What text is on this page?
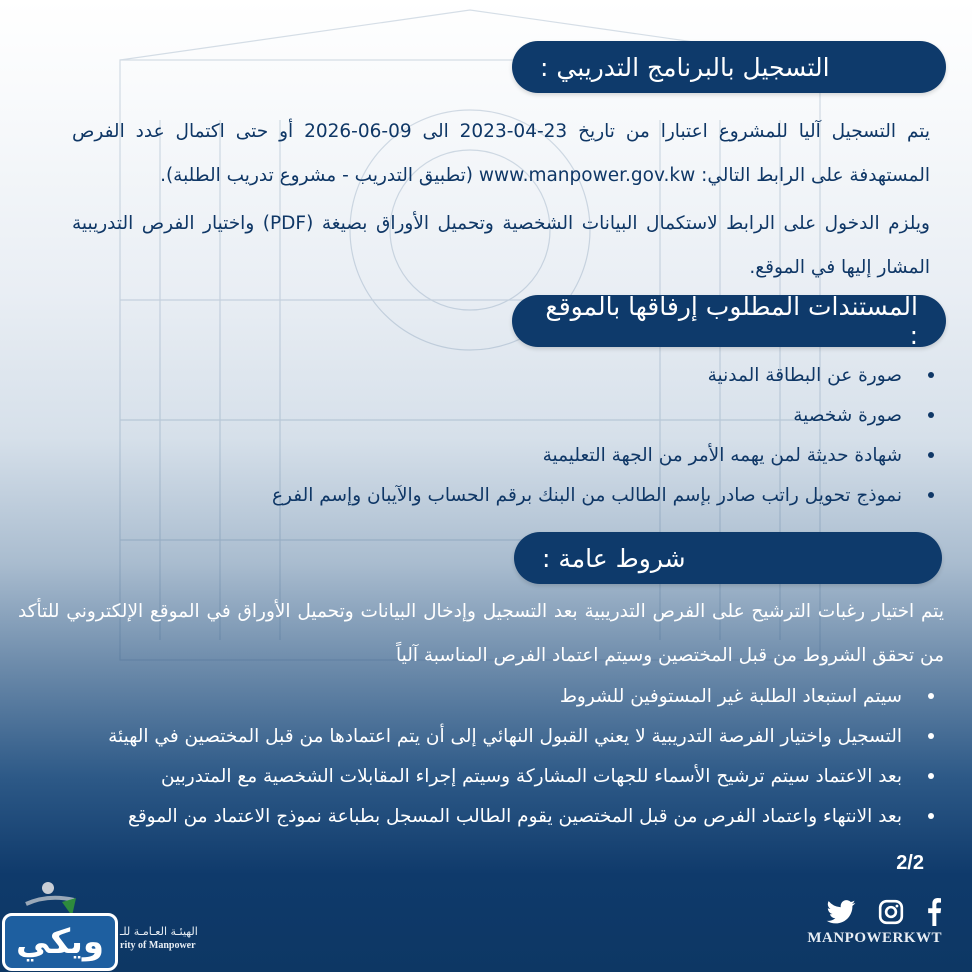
التسجيل بالبرنامج التدريبي :
يتم التسجيل آليا للمشروع اعتبارا من تاريخ 23-04-2023 الى 09-06-2026 أو حتى اكتمال عدد الفرص المستهدفة على الرابط التالي: www.manpower.gov.kw (تطبيق التدريب - مشروع تدريب الطلبة).
ويلزم الدخول على الرابط لاستكمال البيانات الشخصية وتحميل الأوراق بصيغة (PDF) واختيار الفرص التدريبية المشار إليها في الموقع.
المستندات المطلوب إرفاقها بالموقع :
صورة عن البطاقة المدنية
صورة شخصية
شهادة حديثة لمن يهمه الأمر من الجهة التعليمية
نموذج تحويل راتب صادر بإسم الطالب من البنك برقم الحساب والآيبان وإسم الفرع
شروط عامة :
يتم اختيار رغبات الترشيح على الفرص التدريبية بعد التسجيل وإدخال البيانات وتحميل الأوراق في الموقع الإلكتروني للتأكد من تحقق الشروط من قبل المختصين وسيتم اعتماد الفرص المناسبة آلياً
سيتم استبعاد الطلبة غير المستوفين للشروط
التسجيل واختيار الفرصة التدريبية لا يعني القبول النهائي إلى أن يتم اعتمادها من قبل المختصين في الهيئة
بعد الاعتماد سيتم ترشيح الأسماء للجهات المشاركة وسيتم إجراء المقابلات الشخصية مع المتدربين
بعد الانتهاء واعتماد الفرص من قبل المختصين يقوم الطالب المسجل بطباعة نموذج الاعتماد من الموقع
2/2
MANPOWERKWT
الهيئـة العـامـة للـ
rity of Manpower
ويكي
